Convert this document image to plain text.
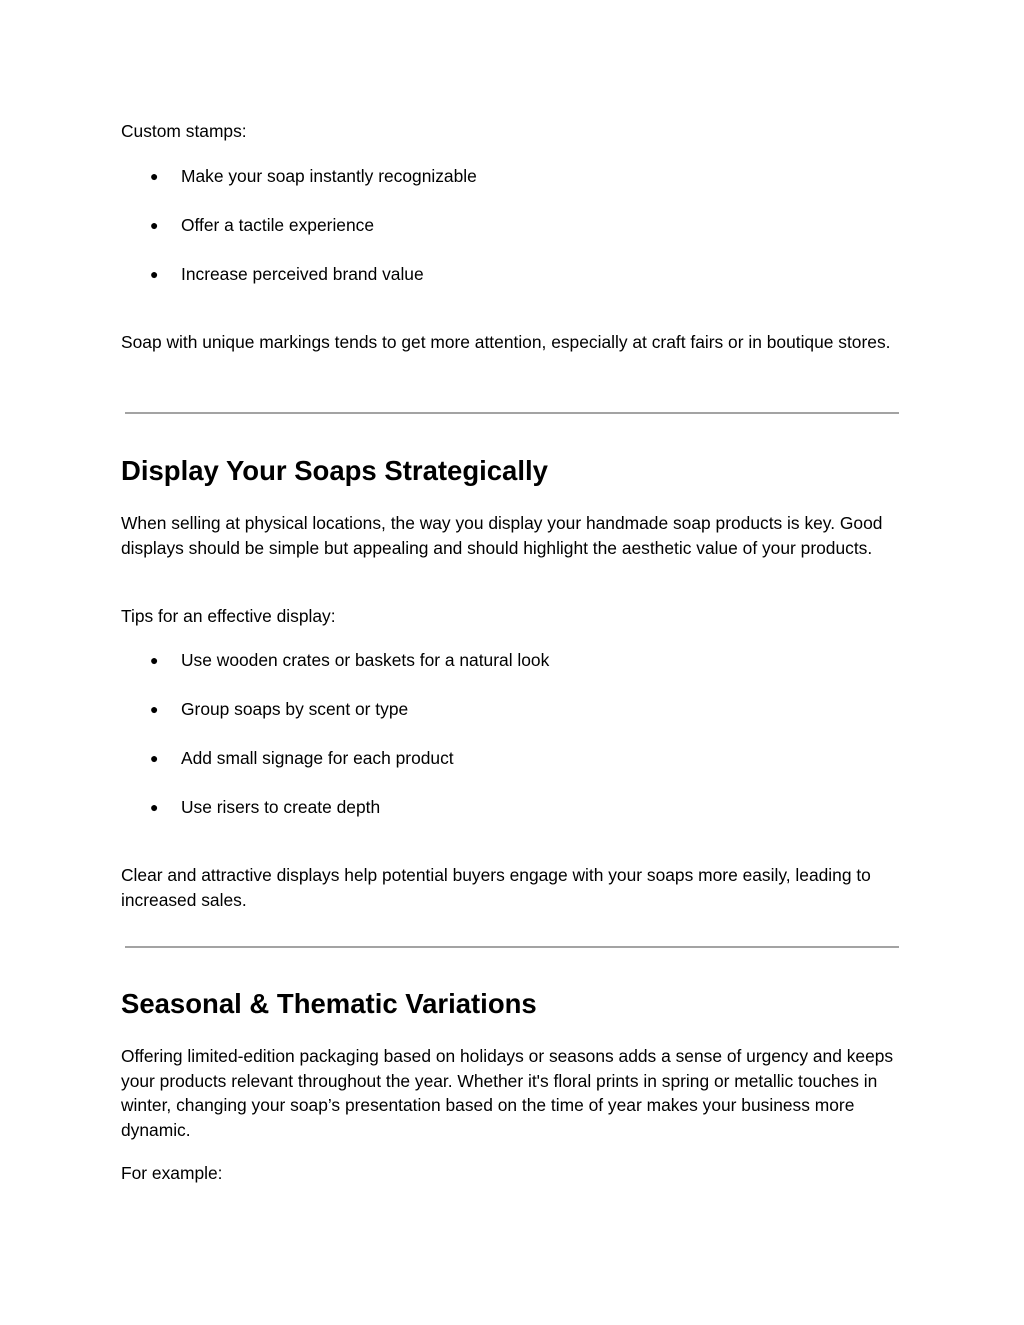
Custom stamps:

●	Make your soap instantly recognizable
●	Offer a tactile experience
●	Increase perceived brand value

Soap with unique markings tends to get more attention, especially at craft fairs or in boutique stores.

Display Your Soaps Strategically

When selling at physical locations, the way you display your handmade soap products is key. Good displays should be simple but appealing and should highlight the aesthetic value of your products.

Tips for an effective display:

●	Use wooden crates or baskets for a natural look
●	Group soaps by scent or type
●	Add small signage for each product
●	Use risers to create depth

Clear and attractive displays help potential buyers engage with your soaps more easily, leading to increased sales.

Seasonal & Thematic Variations

Offering limited-edition packaging based on holidays or seasons adds a sense of urgency and keeps your products relevant throughout the year. Whether it's floral prints in spring or metallic touches in winter, changing your soap’s presentation based on the time of year makes your business more dynamic.

For example:
